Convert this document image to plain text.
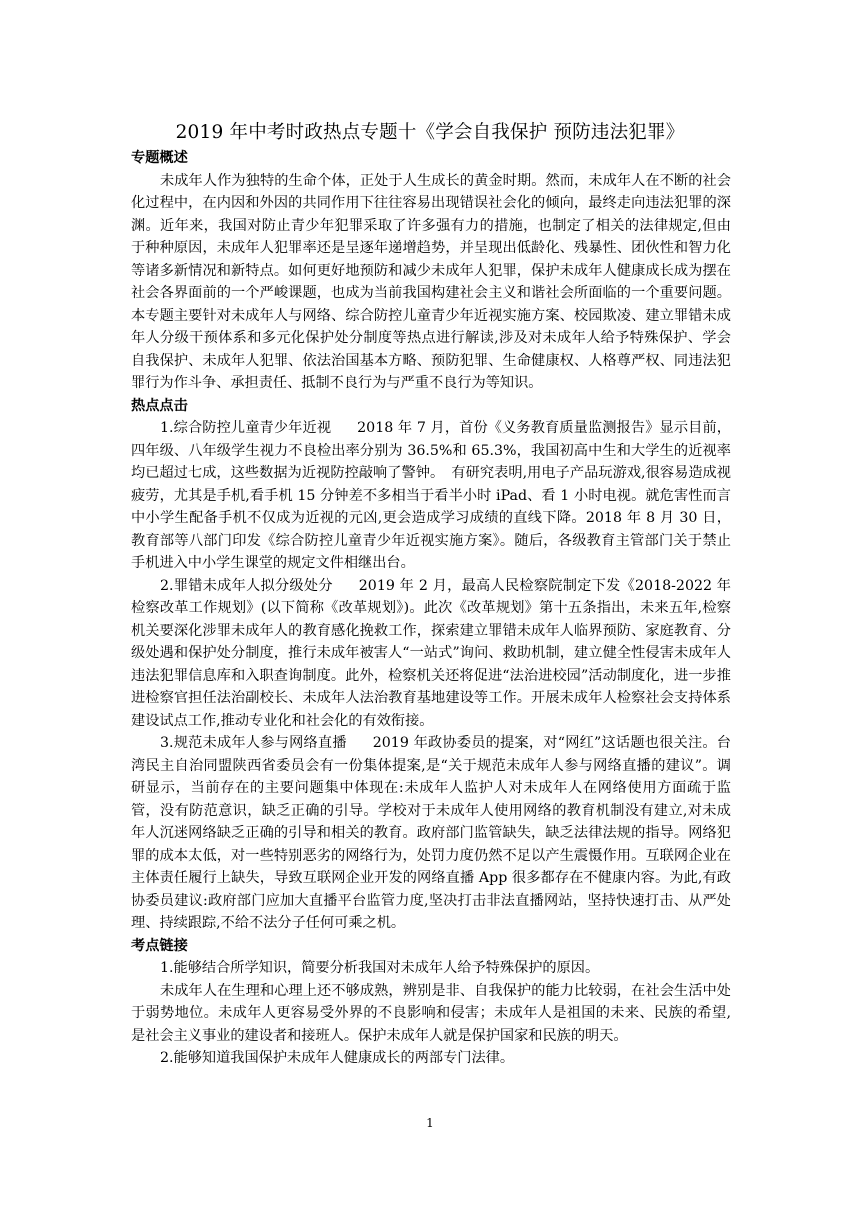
2019 年中考时政热点专题十《学会自我保护 预防违法犯罪》

专题概述

未成年人作为独特的生命个体，正处于人生成长的黄金时期。然而，未成年人在不断的社会化过程中，在内因和外因的共同作用下往往容易出现错误社会化的倾向，最终走向违法犯罪的深渊。近年来，我国对防止青少年犯罪采取了许多强有力的措施，也制定了相关的法律规定,但由于种种原因，未成年人犯罪率还是呈逐年递增趋势，并呈现出低龄化、残暴性、团伙性和智力化等诸多新情况和新特点。如何更好地预防和减少未成年人犯罪，保护未成年人健康成长成为摆在社会各界面前的一个严峻课题，也成为当前我国构建社会主义和谐社会所面临的一个重要问题。本专题主要针对未成年人与网络、综合防控儿童青少年近视实施方案、校园欺凌、建立罪错未成年人分级干预体系和多元化保护处分制度等热点进行解读,涉及对未成年人给予特殊保护、学会自我保护、未成年人犯罪、依法治国基本方略、预防犯罪、生命健康权、人格尊严权、同违法犯罪行为作斗争、承担责任、抵制不良行为与严重不良行为等知识。

热点点击

1.综合防控儿童青少年近视 2018 年 7 月，首份《义务教育质量监测报告》显示目前，四年级、八年级学生视力不良检出率分别为 36.5%和 65.3%，我国初高中生和大学生的近视率均已超过七成，这些数据为近视防控敲响了警钟。　有研究表明,用电子产品玩游戏,很容易造成视疲劳，尤其是手机,看手机 15 分钟差不多相当于看半小时 iPad、看 1 小时电视。就危害性而言中小学生配备手机不仅成为近视的元凶,更会造成学习成绩的直线下降。2018 年 8 月 30 日，教育部等八部门印发《综合防控儿童青少年近视实施方案》。随后，各级教育主管部门关于禁止手机进入中小学生课堂的规定文件相继出台。

2.罪错未成年人拟分级处分 2019 年 2 月，最高人民检察院制定下发《2018-2022 年检察改革工作规划》(以下简称《改革规划》)。此次《改革规划》第十五条指出，未来五年,检察机关要深化涉罪未成年人的教育感化挽救工作，探索建立罪错未成年人临界预防、家庭教育、分级处遇和保护处分制度，推行未成年被害人“一站式”询问、救助机制，建立健全性侵害未成年人违法犯罪信息库和入职查询制度。此外，检察机关还将促进“法治进校园”活动制度化，进一步推进检察官担任法治副校长、未成年人法治教育基地建设等工作。开展未成年人检察社会支持体系建设试点工作,推动专业化和社会化的有效衔接。

3.规范未成年人参与网络直播 2019 年政协委员的提案，对“网红”这话题也很关注。台湾民主自治同盟陕西省委员会有一份集体提案,是“关于规范未成年人参与网络直播的建议”。调研显示，当前存在的主要问题集中体现在:未成年人监护人对未成年人在网络使用方面疏于监管，没有防范意识，缺乏正确的引导。学校对于未成年人使用网络的教育机制没有建立,对未成年人沉迷网络缺乏正确的引导和相关的教育。政府部门监管缺失，缺乏法律法规的指导。网络犯罪的成本太低，对一些特别恶劣的网络行为，处罚力度仍然不足以产生震慑作用。互联网企业在主体责任履行上缺失，导致互联网企业开发的网络直播 App 很多都存在不健康内容。为此,有政协委员建议:政府部门应加大直播平台监管力度,坚决打击非法直播网站，坚持快速打击、从严处理、持续跟踪,不给不法分子任何可乘之机。

考点链接

1.能够结合所学知识，简要分析我国对未成年人给予特殊保护的原因。

未成年人在生理和心理上还不够成熟，辨别是非、自我保护的能力比较弱，在社会生活中处于弱势地位。未成年人更容易受外界的不良影响和侵害；未成年人是祖国的未来、民族的希望,是社会主义事业的建设者和接班人。保护未成年人就是保护国家和民族的明天。

2.能够知道我国保护未成年人健康成长的两部专门法律。

1
